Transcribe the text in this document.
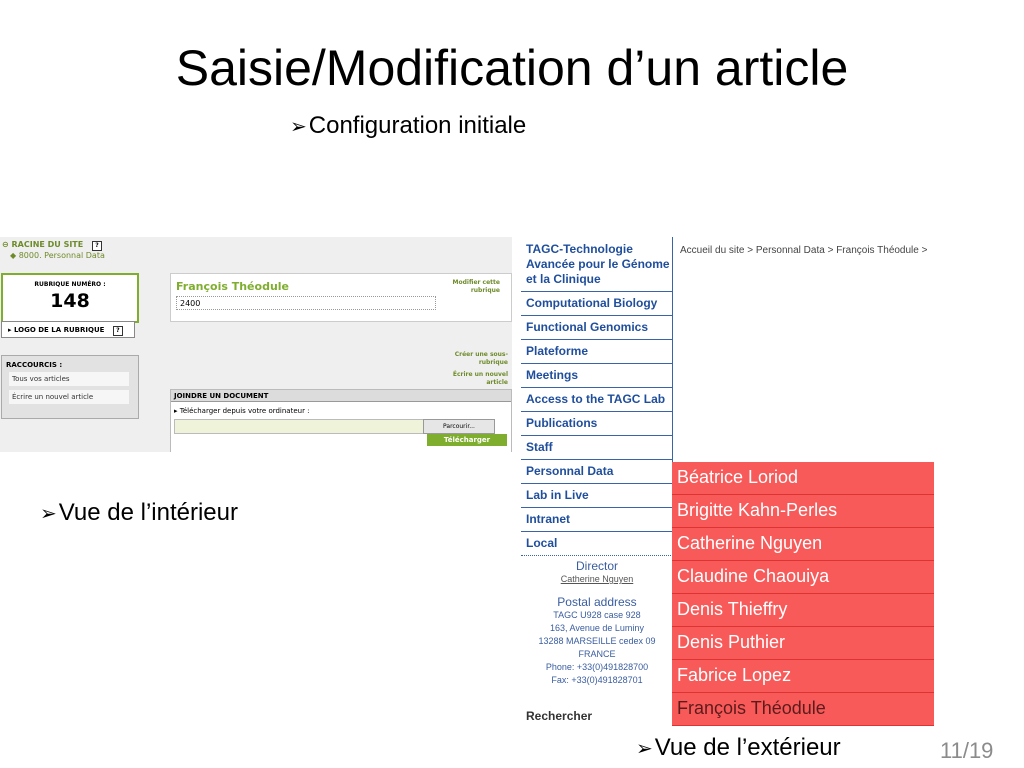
Saisie/Modification d’un article
➢Configuration initiale
➢Vue de l’intérieur
➢Vue de l’extérieur	11/19
⊖ RACINE DU SITE ?
◆ 8000. Personnal Data
RUBRIQUE NUMÉRO :
148
▸ LOGO DE LA RUBRIQUE ?
RACCOURCIS :
Tous vos articles
Écrire un nouvel article
François Théodule
2400
Modifier cette rubrique
Créer une sous-rubrique
Écrire un nouvel article
JOINDRE UN DOCUMENT
▸ Télécharger depuis votre ordinateur :
Parcourir...
Télécharger
TAGC-Technologie Avancée pour le Génome et la Clinique
Computational Biology
Functional Genomics
Plateforme
Meetings
Access to the TAGC Lab
Publications
Staff
Personnal Data
Lab in Live
Intranet
Local
Accueil du site > Personnal Data > François Théodule >
Béatrice Loriod
Brigitte Kahn-Perles
Catherine Nguyen
Claudine Chaouiya
Denis Thieffry
Denis Puthier
Fabrice Lopez
François Théodule
Director
Catherine Nguyen
Postal address
TAGC U928 case 928
163, Avenue de Luminy
13288 MARSEILLE cedex 09
FRANCE
Phone: +33(0)491828700
Fax: +33(0)491828701
Rechercher
